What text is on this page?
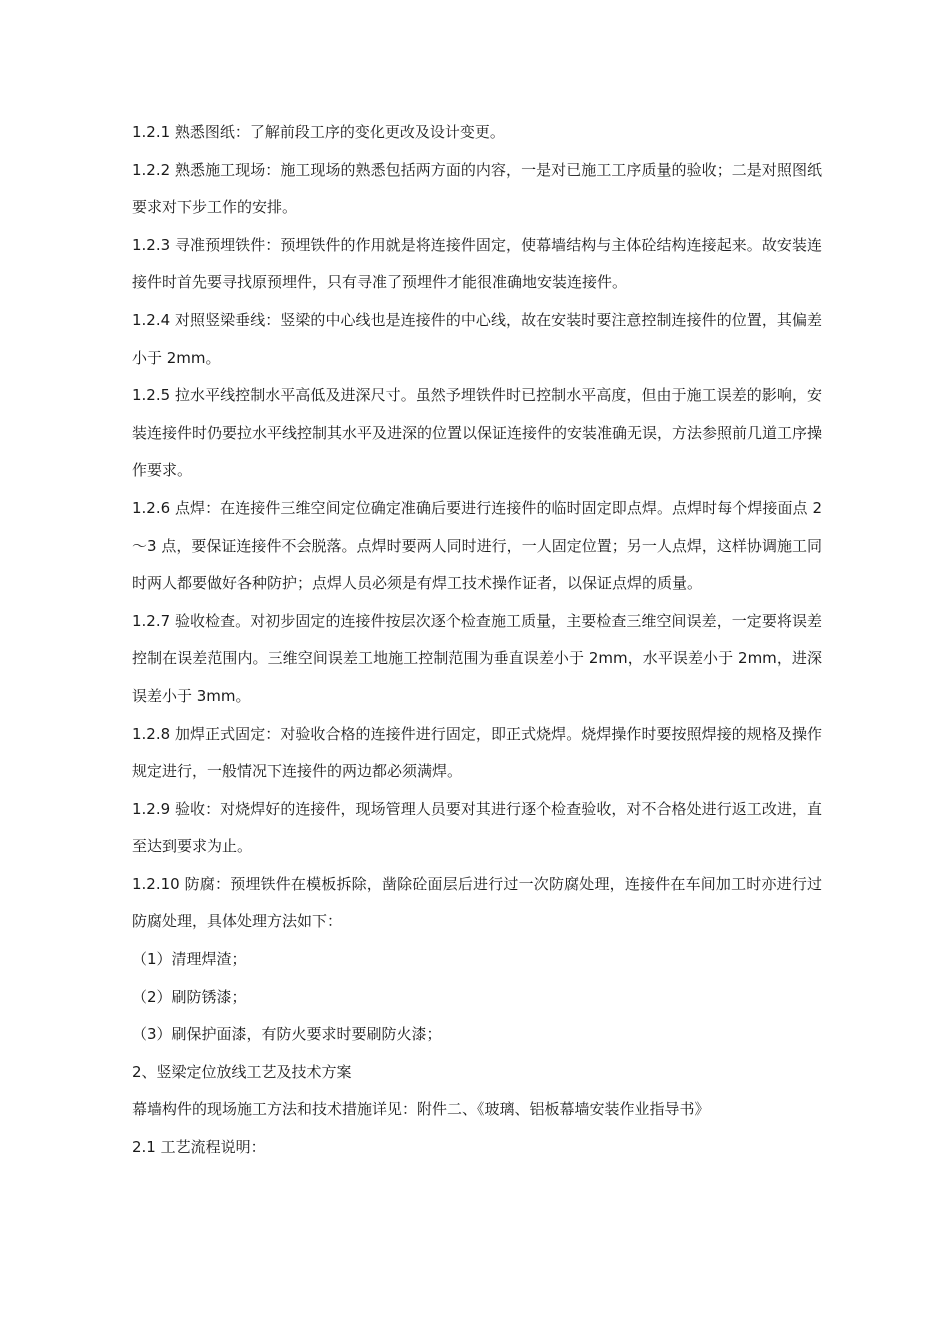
1.2.1 熟悉图纸：了解前段工序的变化更改及设计变更。

1.2.2 熟悉施工现场：施工现场的熟悉包括两方面的内容，一是对已施工工序质量的验收；二是对照图纸要求对下步工作的安排。

1.2.3 寻准预埋铁件：预埋铁件的作用就是将连接件固定，使幕墙结构与主体砼结构连接起来。故安装连接件时首先要寻找原预埋件，只有寻准了预埋件才能很准确地安装连接件。

1.2.4 对照竖梁垂线：竖梁的中心线也是连接件的中心线，故在安装时要注意控制连接件的位置，其偏差小于 2mm。

1.2.5 拉水平线控制水平高低及进深尺寸。虽然予埋铁件时已控制水平高度，但由于施工误差的影响，安装连接件时仍要拉水平线控制其水平及进深的位置以保证连接件的安装准确无误，方法参照前几道工序操作要求。

1.2.6 点焊：在连接件三维空间定位确定准确后要进行连接件的临时固定即点焊。点焊时每个焊接面点 2～3 点，要保证连接件不会脱落。点焊时要两人同时进行，一人固定位置；另一人点焊，这样协调施工同时两人都要做好各种防护；点焊人员必须是有焊工技术操作证者，以保证点焊的质量。

1.2.7 验收检查。对初步固定的连接件按层次逐个检查施工质量，主要检查三维空间误差，一定要将误差控制在误差范围内。三维空间误差工地施工控制范围为垂直误差小于 2mm，水平误差小于 2mm，进深误差小于 3mm。

1.2.8 加焊正式固定：对验收合格的连接件进行固定，即正式烧焊。烧焊操作时要按照焊接的规格及操作规定进行，一般情况下连接件的两边都必须满焊。

1.2.9 验收：对烧焊好的连接件，现场管理人员要对其进行逐个检查验收，对不合格处进行返工改进，直至达到要求为止。

1.2.10 防腐：预埋铁件在模板拆除，凿除砼面层后进行过一次防腐处理，连接件在车间加工时亦进行过防腐处理，具体处理方法如下：

（1）清理焊渣；

（2）刷防锈漆；

（3）刷保护面漆，有防火要求时要刷防火漆；

2、竖梁定位放线工艺及技术方案

幕墙构件的现场施工方法和技术措施详见：附件二、《玻璃、铝板幕墙安装作业指导书》

2.1 工艺流程说明：
